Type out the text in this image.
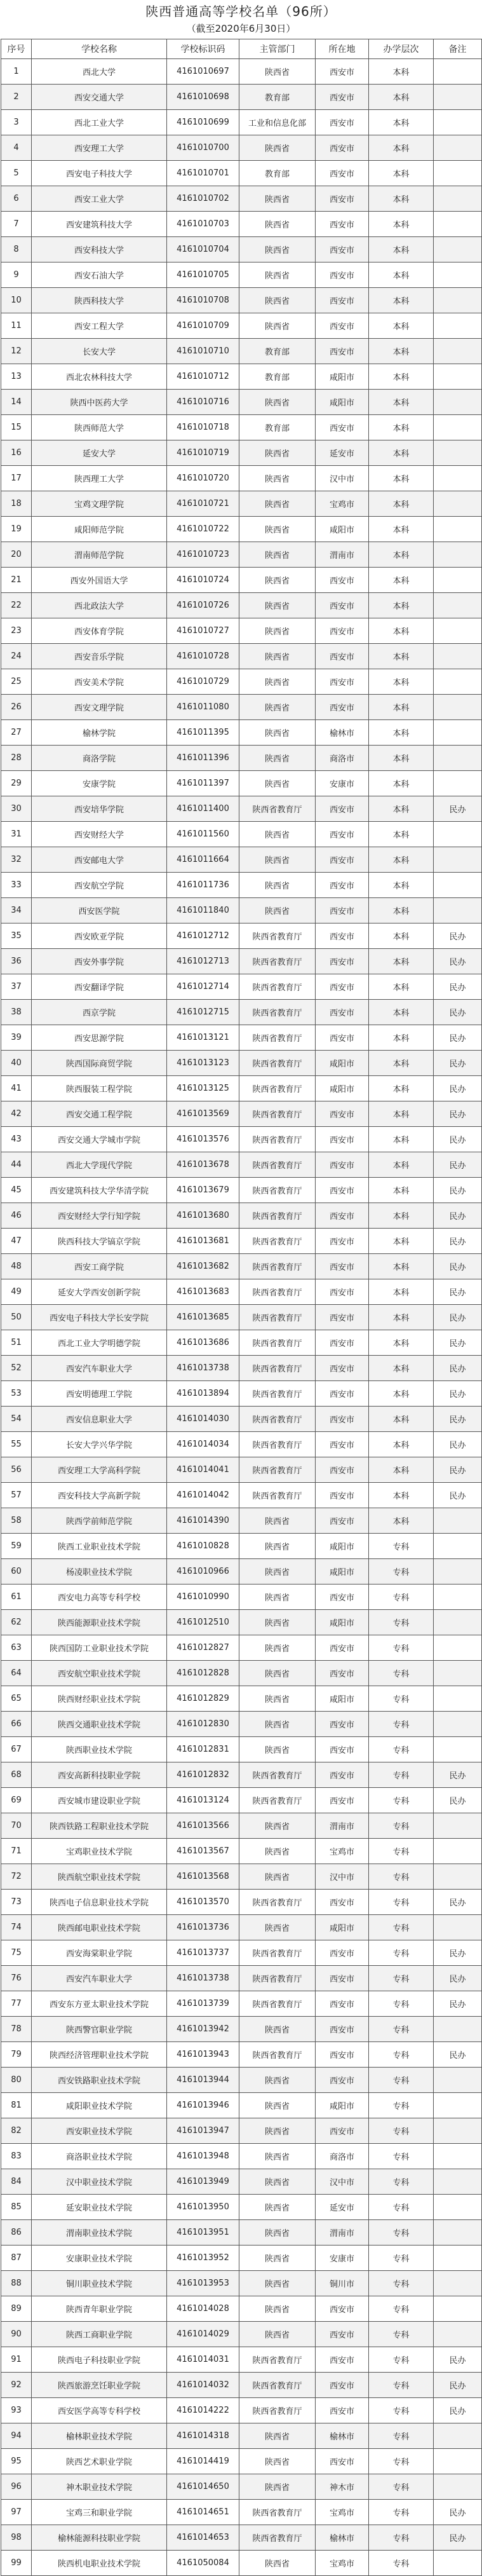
陕西普通高等学校名单（96所）
（截至2020年6月30日）
序号	学校名称	学校标识码	主管部门	所在地	办学层次	备注
1	西北大学	4161010697	陕西省	西安市	本科	
2	西安交通大学	4161010698	教育部	西安市	本科	
3	西北工业大学	4161010699	工业和信息化部	西安市	本科	
4	西安理工大学	4161010700	陕西省	西安市	本科	
5	西安电子科技大学	4161010701	教育部	西安市	本科	
6	西安工业大学	4161010702	陕西省	西安市	本科	
7	西安建筑科技大学	4161010703	陕西省	西安市	本科	
8	西安科技大学	4161010704	陕西省	西安市	本科	
9	西安石油大学	4161010705	陕西省	西安市	本科	
10	陕西科技大学	4161010708	陕西省	西安市	本科	
11	西安工程大学	4161010709	陕西省	西安市	本科	
12	长安大学	4161010710	教育部	西安市	本科	
13	西北农林科技大学	4161010712	教育部	咸阳市	本科	
14	陕西中医药大学	4161010716	陕西省	咸阳市	本科	
15	陕西师范大学	4161010718	教育部	西安市	本科	
16	延安大学	4161010719	陕西省	延安市	本科	
17	陕西理工大学	4161010720	陕西省	汉中市	本科	
18	宝鸡文理学院	4161010721	陕西省	宝鸡市	本科	
19	咸阳师范学院	4161010722	陕西省	咸阳市	本科	
20	渭南师范学院	4161010723	陕西省	渭南市	本科	
21	西安外国语大学	4161010724	陕西省	西安市	本科	
22	西北政法大学	4161010726	陕西省	西安市	本科	
23	西安体育学院	4161010727	陕西省	西安市	本科	
24	西安音乐学院	4161010728	陕西省	西安市	本科	
25	西安美术学院	4161010729	陕西省	西安市	本科	
26	西安文理学院	4161011080	陕西省	西安市	本科	
27	榆林学院	4161011395	陕西省	榆林市	本科	
28	商洛学院	4161011396	陕西省	商洛市	本科	
29	安康学院	4161011397	陕西省	安康市	本科	
30	西安培华学院	4161011400	陕西省教育厅	西安市	本科	民办
31	西安财经大学	4161011560	陕西省	西安市	本科	
32	西安邮电大学	4161011664	陕西省	西安市	本科	
33	西安航空学院	4161011736	陕西省	西安市	本科	
34	西安医学院	4161011840	陕西省	西安市	本科	
35	西安欧亚学院	4161012712	陕西省教育厅	西安市	本科	民办
36	西安外事学院	4161012713	陕西省教育厅	西安市	本科	民办
37	西安翻译学院	4161012714	陕西省教育厅	西安市	本科	民办
38	西京学院	4161012715	陕西省教育厅	西安市	本科	民办
39	西安思源学院	4161013121	陕西省教育厅	西安市	本科	民办
40	陕西国际商贸学院	4161013123	陕西省教育厅	咸阳市	本科	民办
41	陕西服装工程学院	4161013125	陕西省教育厅	咸阳市	本科	民办
42	西安交通工程学院	4161013569	陕西省教育厅	西安市	本科	民办
43	西安交通大学城市学院	4161013576	陕西省教育厅	西安市	本科	民办
44	西北大学现代学院	4161013678	陕西省教育厅	西安市	本科	民办
45	西安建筑科技大学华清学院	4161013679	陕西省教育厅	西安市	本科	民办
46	西安财经大学行知学院	4161013680	陕西省教育厅	西安市	本科	民办
47	陕西科技大学镐京学院	4161013681	陕西省教育厅	西安市	本科	民办
48	西安工商学院	4161013682	陕西省教育厅	西安市	本科	民办
49	延安大学西安创新学院	4161013683	陕西省教育厅	西安市	本科	民办
50	西安电子科技大学长安学院	4161013685	陕西省教育厅	西安市	本科	民办
51	西北工业大学明德学院	4161013686	陕西省教育厅	西安市	本科	民办
52	西安汽车职业大学	4161013738	陕西省教育厅	西安市	本科	民办
53	西安明德理工学院	4161013894	陕西省教育厅	西安市	本科	民办
54	西安信息职业大学	4161014030	陕西省教育厅	西安市	本科	民办
55	长安大学兴华学院	4161014034	陕西省教育厅	西安市	本科	民办
56	西安理工大学高科学院	4161014041	陕西省教育厅	西安市	本科	民办
57	西安科技大学高新学院	4161014042	陕西省教育厅	西安市	本科	民办
58	陕西学前师范学院	4161014390	陕西省	西安市	本科	
59	陕西工业职业技术学院	4161010828	陕西省	咸阳市	专科	
60	杨凌职业技术学院	4161010966	陕西省	咸阳市	专科	
61	西安电力高等专科学校	4161010990	陕西省	西安市	专科	
62	陕西能源职业技术学院	4161012510	陕西省	咸阳市	专科	
63	陕西国防工业职业技术学院	4161012827	陕西省	西安市	专科	
64	西安航空职业技术学院	4161012828	陕西省	西安市	专科	
65	陕西财经职业技术学院	4161012829	陕西省	咸阳市	专科	
66	陕西交通职业技术学院	4161012830	陕西省	西安市	专科	
67	陕西职业技术学院	4161012831	陕西省	西安市	专科	
68	西安高新科技职业学院	4161012832	陕西省教育厅	西安市	专科	民办
69	西安城市建设职业学院	4161013124	陕西省教育厅	西安市	专科	民办
70	陕西铁路工程职业技术学院	4161013566	陕西省	渭南市	专科	
71	宝鸡职业技术学院	4161013567	陕西省	宝鸡市	专科	
72	陕西航空职业技术学院	4161013568	陕西省	汉中市	专科	
73	陕西电子信息职业技术学院	4161013570	陕西省教育厅	西安市	专科	民办
74	陕西邮电职业技术学院	4161013736	陕西省	咸阳市	专科	
75	西安海棠职业学院	4161013737	陕西省教育厅	西安市	专科	民办
76	西安汽车职业大学	4161013738	陕西省教育厅	西安市	专科	民办
77	西安东方亚太职业技术学院	4161013739	陕西省教育厅	西安市	专科	民办
78	陕西警官职业学院	4161013942	陕西省	西安市	专科	
79	陕西经济管理职业技术学院	4161013943	陕西省教育厅	西安市	专科	民办
80	西安铁路职业技术学院	4161013944	陕西省	西安市	专科	
81	咸阳职业技术学院	4161013946	陕西省	咸阳市	专科	
82	西安职业技术学院	4161013947	陕西省	西安市	专科	
83	商洛职业技术学院	4161013948	陕西省	商洛市	专科	
84	汉中职业技术学院	4161013949	陕西省	汉中市	专科	
85	延安职业技术学院	4161013950	陕西省	延安市	专科	
86	渭南职业技术学院	4161013951	陕西省	渭南市	专科	
87	安康职业技术学院	4161013952	陕西省	安康市	专科	
88	铜川职业技术学院	4161013953	陕西省	铜川市	专科	
89	陕西青年职业学院	4161014028	陕西省	西安市	专科	
90	陕西工商职业学院	4161014029	陕西省	西安市	专科	
91	陕西电子科技职业学院	4161014031	陕西省教育厅	西安市	专科	民办
92	陕西旅游烹饪职业学院	4161014032	陕西省教育厅	西安市	专科	民办
93	西安医学高等专科学校	4161014222	陕西省教育厅	西安市	专科	民办
94	榆林职业技术学院	4161014318	陕西省	榆林市	专科	
95	陕西艺术职业学院	4161014419	陕西省	西安市	专科	
96	神木职业技术学院	4161014650	陕西省	神木市	专科	
97	宝鸡三和职业学院	4161014651	陕西省教育厅	宝鸡市	专科	民办
98	榆林能源科技职业学院	4161014653	陕西省教育厅	榆林市	专科	民办
99	陕西机电职业技术学院	4161050084	陕西省	宝鸡市	专科	
